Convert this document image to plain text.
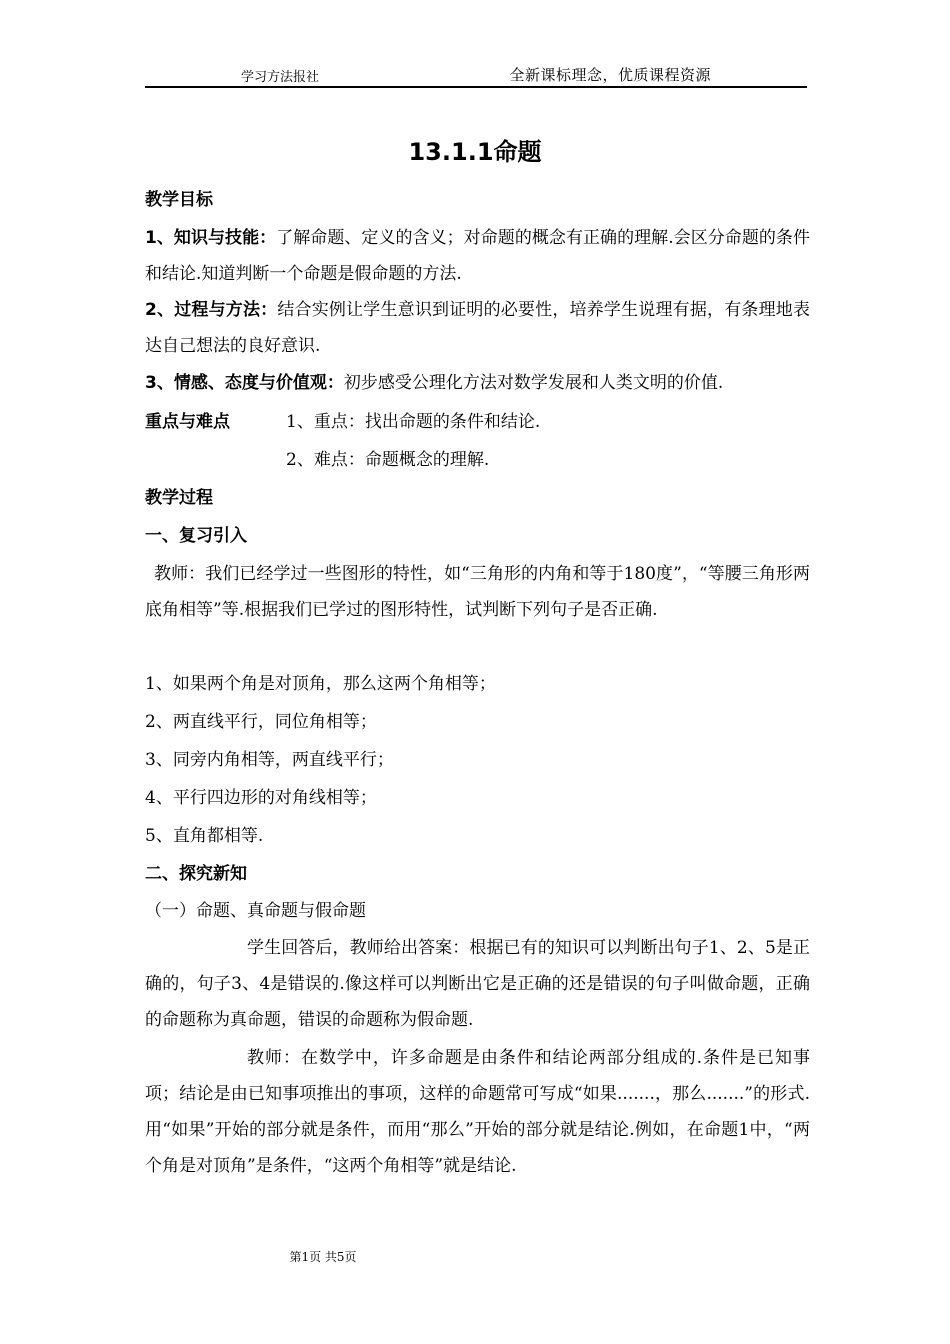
学习方法报社	全新课标理念，优质课程资源
13.1.1命题
教学目标
1、知识与技能：了解命题、定义的含义；对命题的概念有正确的理解.会区分命题的条件和结论.知道判断一个命题是假命题的方法.
2、过程与方法：结合实例让学生意识到证明的必要性，培养学生说理有据，有条理地表达自己想法的良好意识.
3、情感、态度与价值观：初步感受公理化方法对数学发展和人类文明的价值.
重点与难点	1、重点：找出命题的条件和结论.
2、难点：命题概念的理解.
教学过程
一、复习引入
教师：我们已经学过一些图形的特性，如“三角形的内角和等于180度”，“等腰三角形两底角相等”等.根据我们已学过的图形特性，试判断下列句子是否正确.
1、如果两个角是对顶角，那么这两个角相等；
2、两直线平行，同位角相等；
3、同旁内角相等，两直线平行；
4、平行四边形的对角线相等；
5、直角都相等.
二、探究新知
（一）命题、真命题与假命题
学生回答后，教师给出答案：根据已有的知识可以判断出句子1、2、5是正确的，句子3、4是错误的.像这样可以判断出它是正确的还是错误的句子叫做命题，正确的命题称为真命题，错误的命题称为假命题.
教师：在数学中，许多命题是由条件和结论两部分组成的.条件是已知事项；结论是由已知事项推出的事项，这样的命题常可写成“如果.......，那么.......”的形式.用“如果”开始的部分就是条件，而用“那么”开始的部分就是结论.例如，在命题1中，“两个角是对顶角”是条件，“这两个角相等”就是结论.
第1页 共5页
